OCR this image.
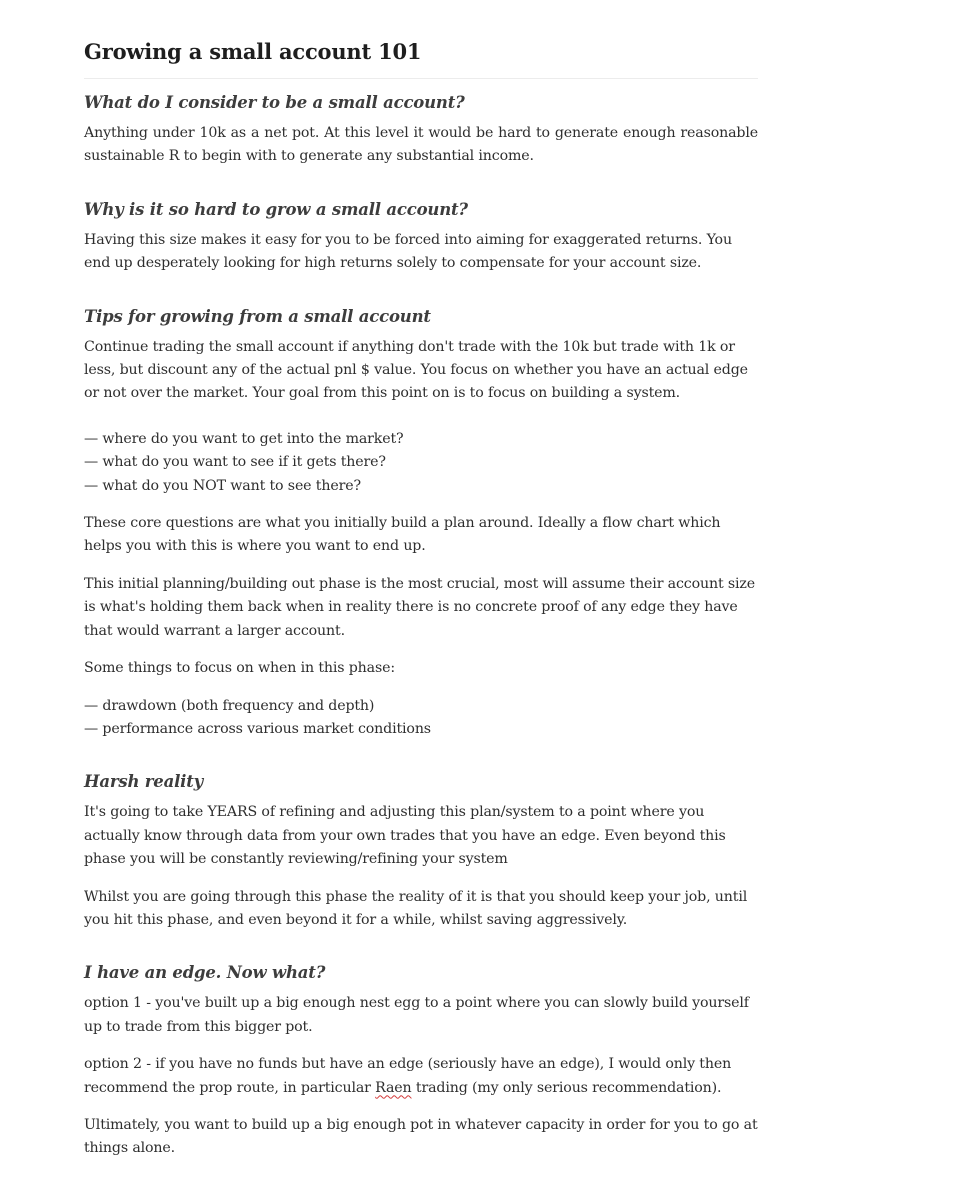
Growing a small account 101
What do I consider to be a small account?

Anything under 10k as a net pot. At this level it would be hard to generate enough reasonable sustainable R to begin with to generate any substantial income.

Why is it so hard to grow a small account?

Having this size makes it easy for you to be forced into aiming for exaggerated returns. You end up desperately looking for high returns solely to compensate for your account size.

Tips for growing from a small account

Continue trading the small account if anything don't trade with the 10k but trade with 1k or less, but discount any of the actual pnl $ value. You focus on whether you have an actual edge or not over the market. Your goal from this point on is to focus on building a system.

— where do you want to get into the market?
— what do you want to see if it gets there?
— what do you NOT want to see there?

These core questions are what you initially build a plan around. Ideally a flow chart which helps you with this is where you want to end up.

This initial planning/building out phase is the most crucial, most will assume their account size is what's holding them back when in reality there is no concrete proof of any edge they have that would warrant a larger account.

Some things to focus on when in this phase:

— drawdown (both frequency and depth)
— performance across various market conditions

Harsh reality

It's going to take YEARS of refining and adjusting this plan/system to a point where you actually know through data from your own trades that you have an edge. Even beyond this phase you will be constantly reviewing/refining your system

Whilst you are going through this phase the reality of it is that you should keep your job, until you hit this phase, and even beyond it for a while, whilst saving aggressively.

I have an edge. Now what?

option 1 - you've built up a big enough nest egg to a point where you can slowly build yourself up to trade from this bigger pot.

option 2 - if you have no funds but have an edge (seriously have an edge), I would only then recommend the prop route, in particular Raen trading (my only serious recommendation).

Ultimately, you want to build up a big enough pot in whatever capacity in order for you to go at things alone.
